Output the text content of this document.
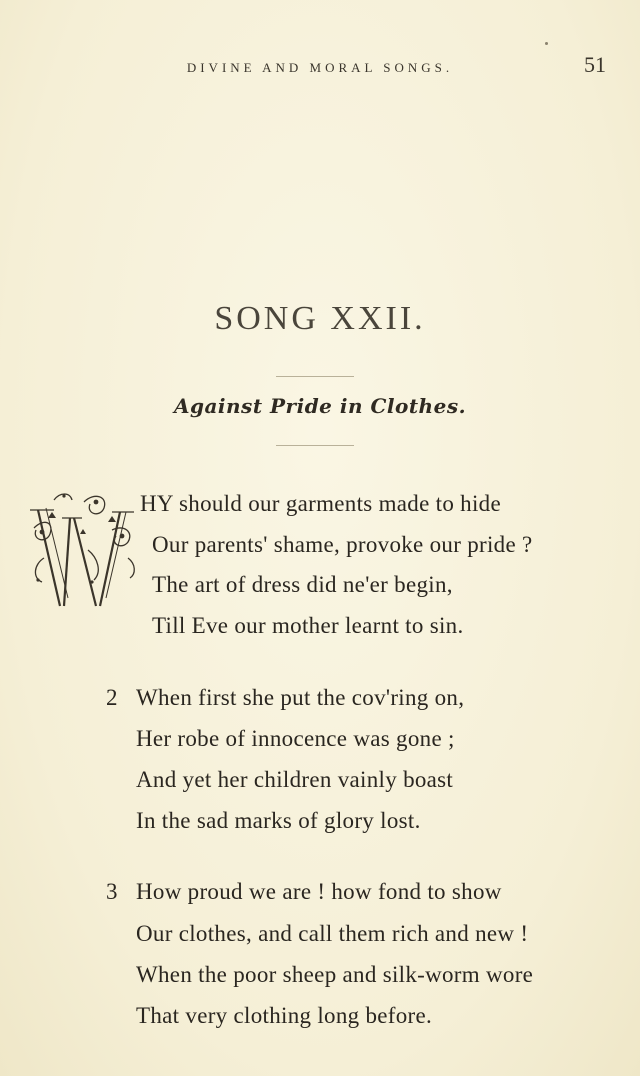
DIVINE AND MORAL SONGS.	51
SONG XXII.
Against Pride in Clothes.
HY should our garments made to hide
Our parents' shame, provoke our pride ?
The art of dress did ne'er begin,
Till Eve our mother learnt to sin.
2 When first she put the cov'ring on,
Her robe of innocence was gone ;
And yet her children vainly boast
In the sad marks of glory lost.
3 How proud we are ! how fond to show
Our clothes, and call them rich and new !
When the poor sheep and silk-worm wore
That very clothing long before.
